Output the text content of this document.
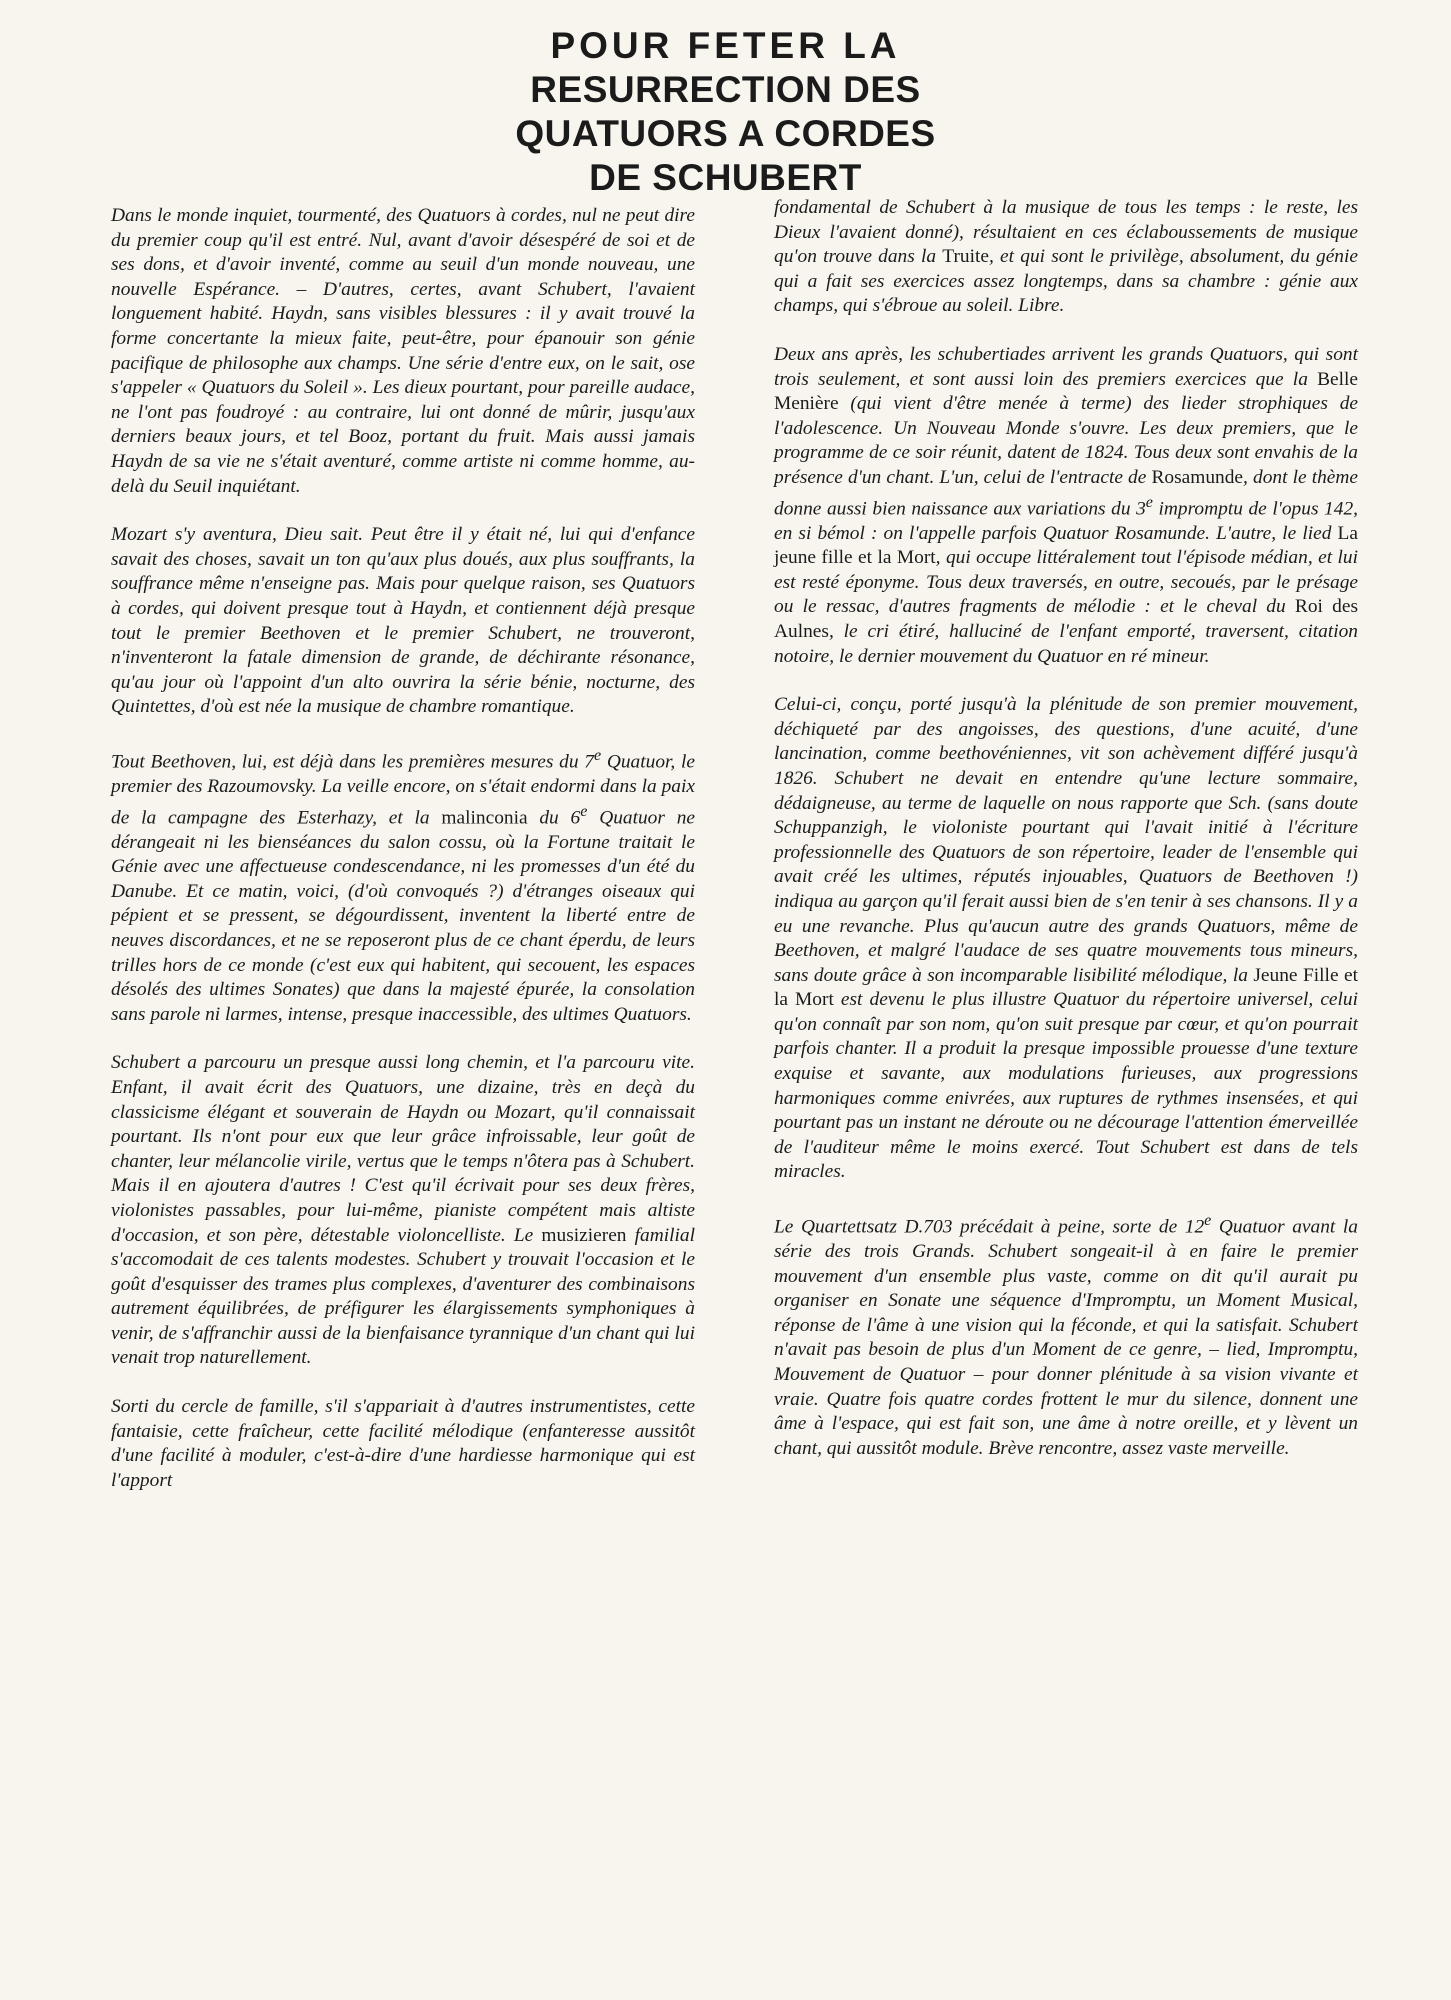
POUR FETER LA
RESURRECTION DES
QUATUORS A CORDES
DE SCHUBERT

Dans le monde inquiet, tourmenté, des Quatuors à cordes, nul ne peut dire du premier coup qu'il est entré. Nul, avant d'avoir désespéré de soi et de ses dons, et d'avoir inventé, comme au seuil d'un monde nouveau, une nouvelle Espérance. – D'autres, certes, avant Schubert, l'avaient longuement habité. Haydn, sans visibles blessures : il y avait trouvé la forme concertante la mieux faite, peut-être, pour épanouir son génie pacifique de philosophe aux champs. Une série d'entre eux, on le sait, ose s'appeler « Quatuors du Soleil ». Les dieux pourtant, pour pareille audace, ne l'ont pas foudroyé : au contraire, lui ont donné de mûrir, jusqu'aux derniers beaux jours, et tel Booz, portant du fruit. Mais aussi jamais Haydn de sa vie ne s'était aventuré, comme artiste ni comme homme, au-delà du Seuil inquiétant.

Mozart s'y aventura, Dieu sait. Peut être il y était né, lui qui d'enfance savait des choses, savait un ton qu'aux plus doués, aux plus souffrants, la souffrance même n'enseigne pas. Mais pour quelque raison, ses Quatuors à cordes, qui doivent presque tout à Haydn, et contiennent déjà presque tout le premier Beethoven et le premier Schubert, ne trouveront, n'inventeront la fatale dimension de grande, de déchirante résonance, qu'au jour où l'appoint d'un alto ouvrira la série bénie, nocturne, des Quintettes, d'où est née la musique de chambre romantique.

Tout Beethoven, lui, est déjà dans les premières mesures du 7e Quatuor, le premier des Razoumovsky. La veille encore, on s'était endormi dans la paix de la campagne des Esterhazy, et la malinconia du 6e Quatuor ne dérangeait ni les bienséances du salon cossu, où la Fortune traitait le Génie avec une affectueuse condescendance, ni les promesses d'un été du Danube. Et ce matin, voici, (d'où convoqués ?) d'étranges oiseaux qui pépient et se pressent, se dégourdissent, inventent la liberté entre de neuves discordances, et ne se reposeront plus de ce chant éperdu, de leurs trilles hors de ce monde (c'est eux qui habitent, qui secouent, les espaces désolés des ultimes Sonates) que dans la majesté épurée, la consolation sans parole ni larmes, intense, presque inaccessible, des ultimes Quatuors.

Schubert a parcouru un presque aussi long chemin, et l'a parcouru vite. Enfant, il avait écrit des Quatuors, une dizaine, très en deçà du classicisme élégant et souverain de Haydn ou Mozart, qu'il connaissait pourtant. Ils n'ont pour eux que leur grâce infroissable, leur goût de chanter, leur mélancolie virile, vertus que le temps n'ôtera pas à Schubert. Mais il en ajoutera d'autres ! C'est qu'il écrivait pour ses deux frères, violonistes passables, pour lui-même, pianiste compétent mais altiste d'occasion, et son père, détestable violoncelliste. Le musizieren familial s'accomodait de ces talents modestes. Schubert y trouvait l'occasion et le goût d'esquisser des trames plus complexes, d'aventurer des combinaisons autrement équilibrées, de préfigurer les élargissements symphoniques à venir, de s'affranchir aussi de la bienfaisance tyrannique d'un chant qui lui venait trop naturellement.

Sorti du cercle de famille, s'il s'appariait à d'autres instrumentistes, cette fantaisie, cette fraîcheur, cette facilité mélodique (enfanteresse aussitôt d'une facilité à moduler, c'est-à-dire d'une hardiesse harmonique qui est l'apport

fondamental de Schubert à la musique de tous les temps : le reste, les Dieux l'avaient donné), résultaient en ces éclaboussements de musique qu'on trouve dans la Truite, et qui sont le privilège, absolument, du génie qui a fait ses exercices assez longtemps, dans sa chambre : génie aux champs, qui s'ébroue au soleil. Libre.

Deux ans après, les schubertiades arrivent les grands Quatuors, qui sont trois seulement, et sont aussi loin des premiers exercices que la Belle Menière (qui vient d'être menée à terme) des lieder strophiques de l'adolescence. Un Nouveau Monde s'ouvre. Les deux premiers, que le programme de ce soir réunit, datent de 1824. Tous deux sont envahis de la présence d'un chant. L'un, celui de l'entracte de Rosamunde, dont le thème donne aussi bien naissance aux variations du 3e impromptu de l'opus 142, en si bémol : on l'appelle parfois Quatuor Rosamunde. L'autre, le lied La jeune fille et la Mort, qui occupe littéralement tout l'épisode médian, et lui est resté éponyme. Tous deux traversés, en outre, secoués, par le présage ou le ressac, d'autres fragments de mélodie : et le cheval du Roi des Aulnes, le cri étiré, halluciné de l'enfant emporté, traversent, citation notoire, le dernier mouvement du Quatuor en ré mineur.

Celui-ci, conçu, porté jusqu'à la plénitude de son premier mouvement, déchiqueté par des angoisses, des questions, d'une acuité, d'une lancination, comme beethovéniennes, vit son achèvement différé jusqu'à 1826. Schubert ne devait en entendre qu'une lecture sommaire, dédaigneuse, au terme de laquelle on nous rapporte que Sch. (sans doute Schuppanzigh, le violoniste pourtant qui l'avait initié à l'écriture professionnelle des Quatuors de son répertoire, leader de l'ensemble qui avait créé les ultimes, réputés injouables, Quatuors de Beethoven !) indiqua au garçon qu'il ferait aussi bien de s'en tenir à ses chansons. Il y a eu une revanche. Plus qu'aucun autre des grands Quatuors, même de Beethoven, et malgré l'audace de ses quatre mouvements tous mineurs, sans doute grâce à son incomparable lisibilité mélodique, la Jeune Fille et la Mort est devenu le plus illustre Quatuor du répertoire universel, celui qu'on connaît par son nom, qu'on suit presque par cœur, et qu'on pourrait parfois chanter. Il a produit la presque impossible prouesse d'une texture exquise et savante, aux modulations furieuses, aux progressions harmoniques comme enivrées, aux ruptures de rythmes insensées, et qui pourtant pas un instant ne déroute ou ne décourage l'attention émerveillée de l'auditeur même le moins exercé. Tout Schubert est dans de tels miracles.

Le Quartettsatz D.703 précédait à peine, sorte de 12e Quatuor avant la série des trois Grands. Schubert songeait-il à en faire le premier mouvement d'un ensemble plus vaste, comme on dit qu'il aurait pu organiser en Sonate une séquence d'Impromptu, un Moment Musical, réponse de l'âme à une vision qui la féconde, et qui la satisfait. Schubert n'avait pas besoin de plus d'un Moment de ce genre, – lied, Impromptu, Mouvement de Quatuor – pour donner plénitude à sa vision vivante et vraie. Quatre fois quatre cordes frottent le mur du silence, donnent une âme à l'espace, qui est fait son, une âme à notre oreille, et y lèvent un chant, qui aussitôt module. Brève rencontre, assez vaste merveille.
